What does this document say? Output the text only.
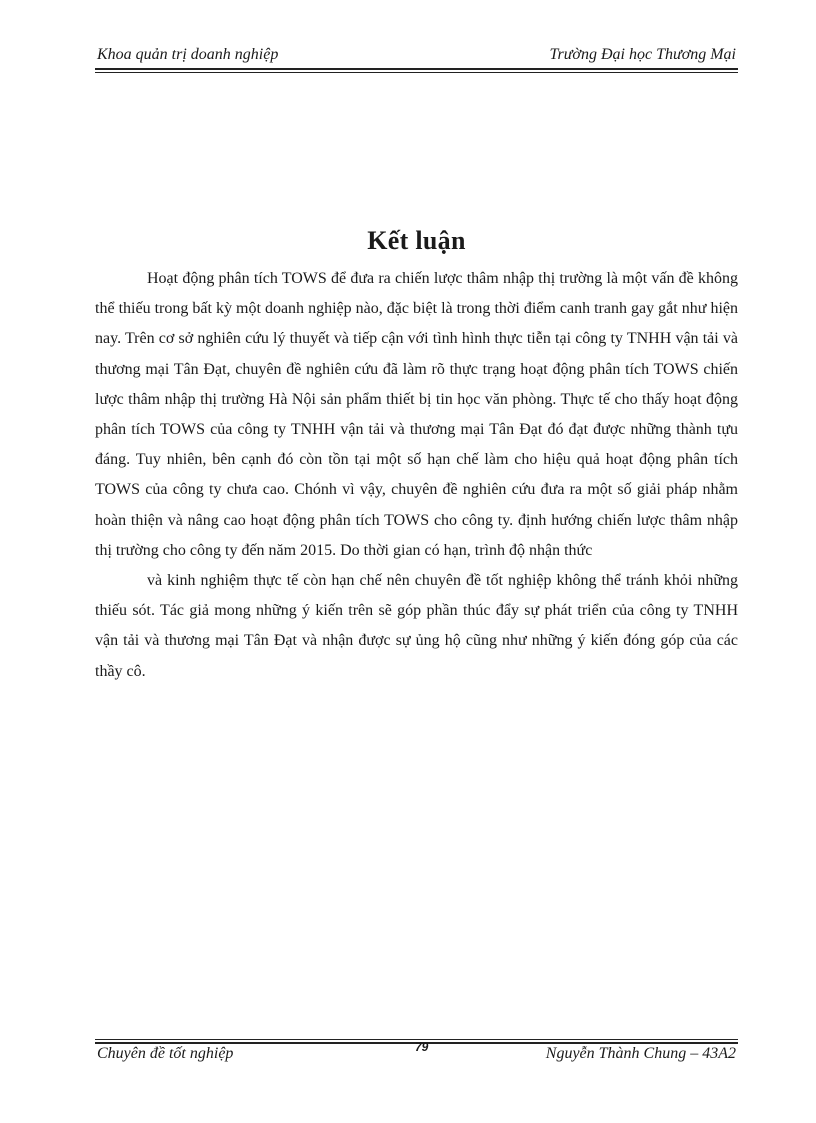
Khoa quản trị doanh nghiệp	Trường Đại học Thương Mại
Kết luận

Hoạt động phân tích TOWS để đưa ra chiến lược thâm nhập thị trường là một vấn đề không thể thiếu trong bất kỳ một doanh nghiệp nào, đặc biệt là trong thời điểm canh tranh gay gắt như hiện nay. Trên cơ sở nghiên cứu lý thuyết và tiếp cận với tình hình thực tiễn tại công ty TNHH vận tải và thương mại Tân Đạt, chuyên đề nghiên cứu đã làm rõ thực trạng hoạt động phân tích TOWS chiến lược thâm nhập thị trường Hà Nội sản phẩm thiết bị tin học văn phòng. Thực tế cho thấy hoạt động phân tích TOWS của công ty TNHH vận tải và thương mại Tân Đạt đó đạt được những thành tựu đáng. Tuy nhiên, bên cạnh đó còn tồn tại một số hạn chế làm cho hiệu quả hoạt động phân tích TOWS của công ty chưa cao. Chónh vì vậy, chuyên đề nghiên cứu đưa ra một số giải pháp nhằm hoàn thiện và nâng cao hoạt động phân tích TOWS cho công ty. định hướng chiến lược thâm nhập thị trường cho công ty đến năm 2015. Do thời gian có hạn, trình độ nhận thức

và kinh nghiệm thực tế còn hạn chế nên chuyên đề tốt nghiệp không thể tránh khỏi những thiếu sót. Tác giả mong những ý kiến trên sẽ góp phần thúc đẩy sự phát triển của công ty TNHH vận tải và thương mại Tân Đạt và nhận được sự ủng hộ cũng như những ý kiến đóng góp của các thầy cô.

Chuyên đề tốt nghiệp	79	Nguyễn Thành Chung – 43A2
